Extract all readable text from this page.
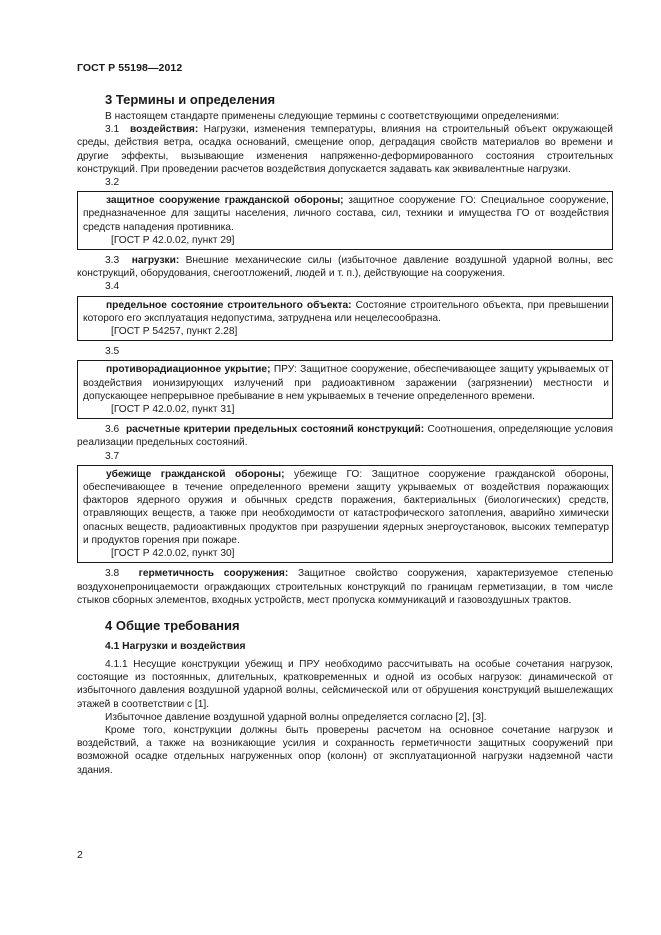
ГОСТ Р 55198—2012
3 Термины и определения

В настоящем стандарте применены следующие термины с соответствующими определениями:

3.1 воздействия: Нагрузки, изменения температуры, влияния на строительный объект окружающей среды, действия ветра, осадка оснований, смещение опор, деградация свойств материалов во времени и другие эффекты, вызывающие изменения напряженно-деформированного состояния строительных конструкций. При проведении расчетов воздействия допускается задавать как эквивалентные нагрузки.

3.2

защитное сооружение гражданской обороны; защитное сооружение ГО: Специальное сооружение, предназначенное для защиты населения, личного состава, сил, техники и имущества ГО от воздействия средств нападения противника.

[ГОСТ Р 42.0.02, пункт 29]

3.3 нагрузки: Внешние механические силы (избыточное давление воздушной ударной волны, вес конструкций, оборудования, снегоотложений, людей и т. п.), действующие на сооружения.

3.4

предельное состояние строительного объекта: Состояние строительного объекта, при превышении которого его эксплуатация недопустима, затруднена или нецелесообразна.

[ГОСТ Р 54257, пункт 2.28]
3.5

противорадиационное укрытие; ПРУ: Защитное сооружение, обеспечивающее защиту укрываемых от воздействия ионизирующих излучений при радиоактивном заражении (загрязнении) местности и допускающее непрерывное пребывание в нем укрываемых в течение определенного времени.

[ГОСТ Р 42.0.02, пункт 31]

3.6 расчетные критерии предельных состояний конструкций: Соотношения, определяющие условия реализации предельных состояний.

3.7

убежище гражданской обороны; убежище ГО: Защитное сооружение гражданской обороны, обеспечивающее в течение определенного времени защиту укрываемых от воздействия поражающих факторов ядерного оружия и обычных средств поражения, бактериальных (биологических) средств, отравляющих веществ, а также при необходимости от катастрофического затопления, аварийно химически опасных веществ, радиоактивных продуктов при разрушении ядерных энергоустановок, высоких температур и продуктов горения при пожаре.

[ГОСТ Р 42.0.02, пункт 30]

3.8 герметичность сооружения: Защитное свойство сооружения, характеризуемое степенью воздухонепроницаемости ограждающих строительных конструкций по границам герметизации, в том числе стыков сборных элементов, входных устройств, мест пропуска коммуникаций и газовоздушных трактов.

4 Общие требования
4.1 Нагрузки и воздействия

4.1.1 Несущие конструкции убежищ и ПРУ необходимо рассчитывать на особые сочетания нагрузок, состоящие из постоянных, длительных, кратковременных и одной из особых нагрузок: динамической от избыточного давления воздушной ударной волны, сейсмической или от обрушения конструкций вышележащих этажей в соответствии с [1].

Избыточное давление воздушной ударной волны определяется согласно [2], [3].

Кроме того, конструкции должны быть проверены расчетом на основное сочетание нагрузок и воздействий, а также на возникающие усилия и сохранность герметичности защитных сооружений при возможной осадке отдельных нагруженных опор (колонн) от эксплуатационной нагрузки надземной части здания.

2
